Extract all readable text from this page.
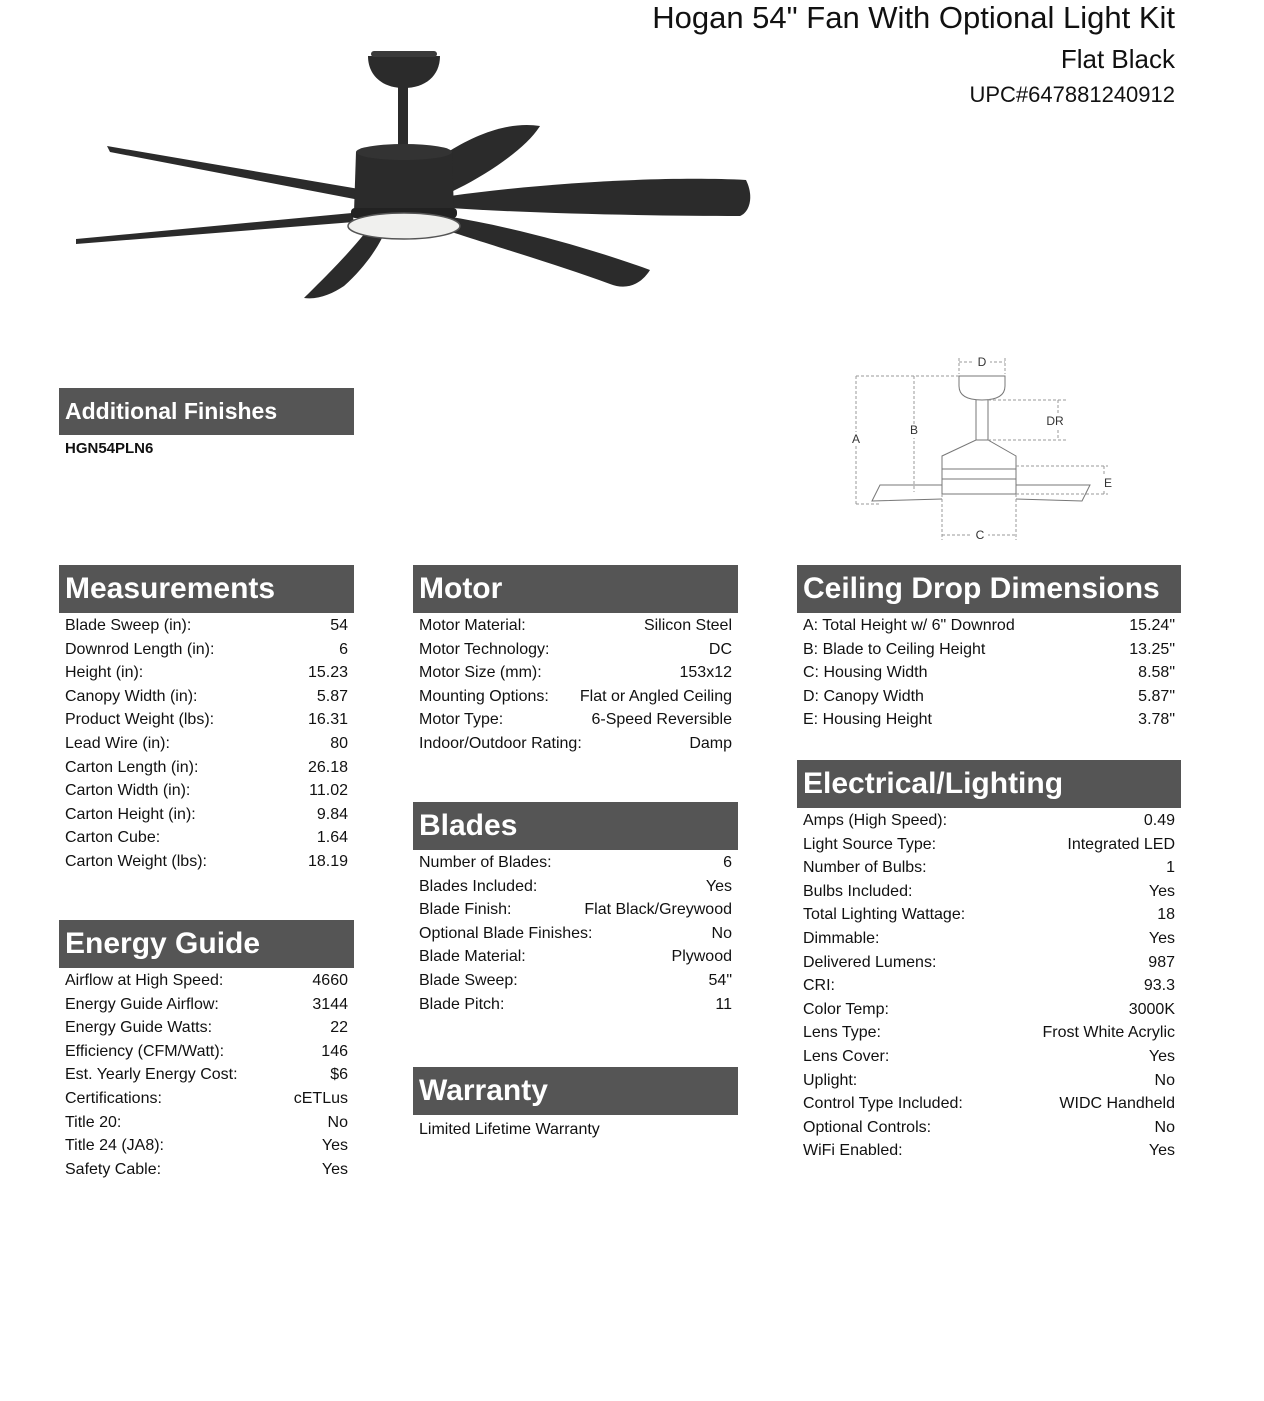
Hogan 54" Fan With Optional Light Kit
Flat Black
UPC#647881240912
D
A
B
DR
E
C
Additional Finishes
HGN54PLN6
Measurements
Blade Sweep (in):	54
Downrod Length (in):	6
Height (in):	15.23
Canopy Width (in):	5.87
Product Weight (lbs):	16.31
Lead Wire (in):	80
Carton Length (in):	26.18
Carton Width (in):	11.02
Carton Height (in):	9.84
Carton Cube:	1.64
Carton Weight (lbs):	18.19
Energy Guide
Airflow at High Speed:	4660
Energy Guide Airflow:	3144
Energy Guide Watts:	22
Efficiency (CFM/Watt):	146
Est. Yearly Energy Cost:	$6
Certifications:	cETLus
Title 20:	No
Title 24 (JA8):	Yes
Safety Cable:	Yes
Motor
Motor Material:	Silicon Steel
Motor Technology:	DC
Motor Size (mm):	153x12
Mounting Options: Flat or Angled Ceiling
Motor Type:	6-Speed Reversible
Indoor/Outdoor Rating:	Damp
Blades
Number of Blades:	6
Blades Included:	Yes
Blade Finish:	Flat Black/Greywood
Optional Blade Finishes:	No
Blade Material:	Plywood
Blade Sweep:	54"
Blade Pitch:	11
Warranty
Limited Lifetime Warranty
Ceiling Drop Dimensions
A: Total Height w/ 6" Downrod	15.24"
B: Blade to Ceiling Height	13.25"
C: Housing Width	8.58"
D: Canopy Width	5.87"
E: Housing Height	3.78"
Electrical/Lighting
Amps (High Speed):	0.49
Light Source Type:	Integrated LED
Number of Bulbs:	1
Bulbs Included:	Yes
Total Lighting Wattage:	18
Dimmable:	Yes
Delivered Lumens:	987
CRI:	93.3
Color Temp:	3000K
Lens Type:	Frost White Acrylic
Lens Cover:	Yes
Uplight:	No
Control Type Included:	WIDC Handheld
Optional Controls:	No
WiFi Enabled:	Yes
